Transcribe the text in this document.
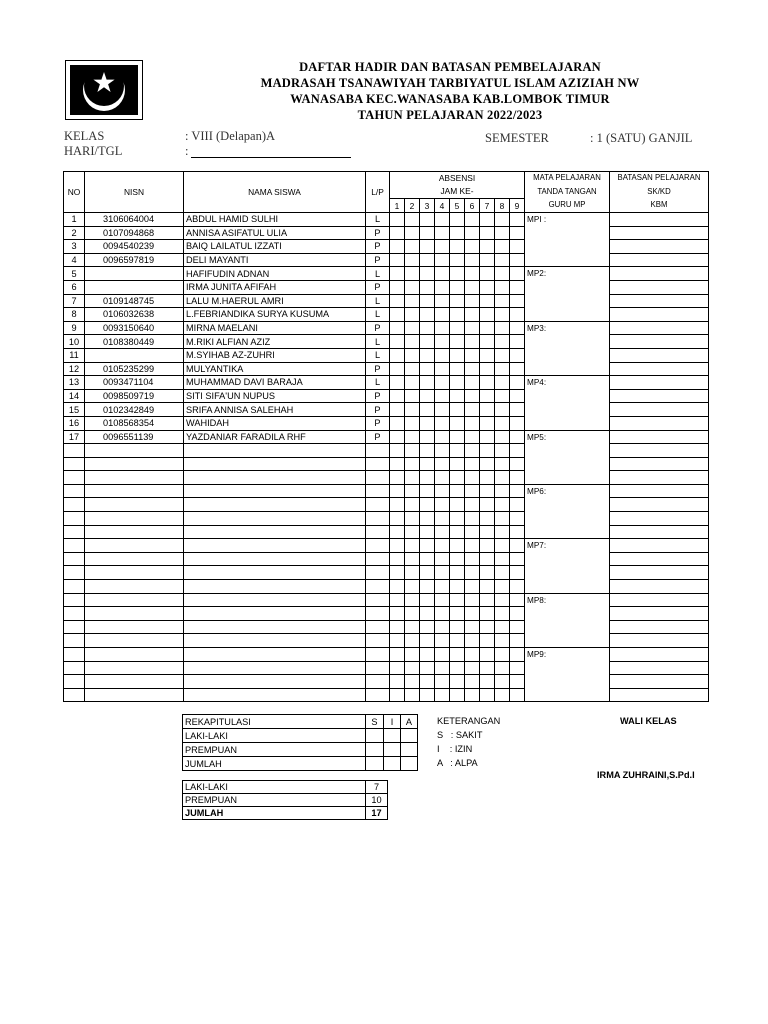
DAFTAR HADIR DAN BATASAN PEMBELAJARAN
MADRASAH TSANAWIYAH TARBIYATUL ISLAM AZIZIAH NW
WANASABA KEC.WANASABA KAB.LOMBOK TIMUR
TAHUN PELAJARAN 2022/2023
KELAS	: VIII (Delapan)A
HARI/TGL	:
SEMESTER	: 1 (SATU) GANJIL
NO	NISN	NAMA SISWA	L/P	ABSENSI									MATA PELAJARAN	BATASAN PELAJARAN
				JAM KE-									TANDA TANGAN	SK/KD
				1	2	3	4	5	6	7	8	9	GURU MP	KBM
1	3106064004	ABDUL HAMID SULHI	L										MPI :	
2	0107094868	ANNISA ASIFATUL ULIA	P											
3	0094540239	BAIQ LAILATUL IZZATI	P											
4	0096597819	DELI MAYANTI	P											
5		HAFIFUDIN ADNAN	L										MP2:	
6		IRMA JUNITA AFIFAH	P											
7	0109148745	LALU M.HAERUL AMRI	L											
8	0106032638	L.FEBRIANDIKA SURYA KUSUMA	L											
9	0093150640	MIRNA MAELANI	P										MP3:	
10	0108380449	M.RIKI ALFIAN AZIZ	L											
11		M.SYIHAB AZ-ZUHRI	L											
12	0105235299	MULYANTIKA	P											
13	0093471104	MUHAMMAD DAVI BARAJA	L										MP4:	
14	0098509719	SITI SIFA'UN NUPUS	P											
15	0102342849	SRIFA ANNISA SALEHAH	P											
16	0108568354	WAHIDAH	P											
17	0096551139	YAZDANIAR FARADILA RHF	P										MP5:	

													MP6:	

													MP7:	

													MP8:	

													MP9:	

REKAPITULASI	S	I	A
LAKI-LAKI			
PREMPUAN			
JUMLAH			
KETERANGAN
S   : SAKIT
I    : IZIN
A   : ALPA
WALI KELAS
IRMA ZUHRAINI,S.Pd.I
LAKI-LAKI	7
PREMPUAN	10
JUMLAH	17
